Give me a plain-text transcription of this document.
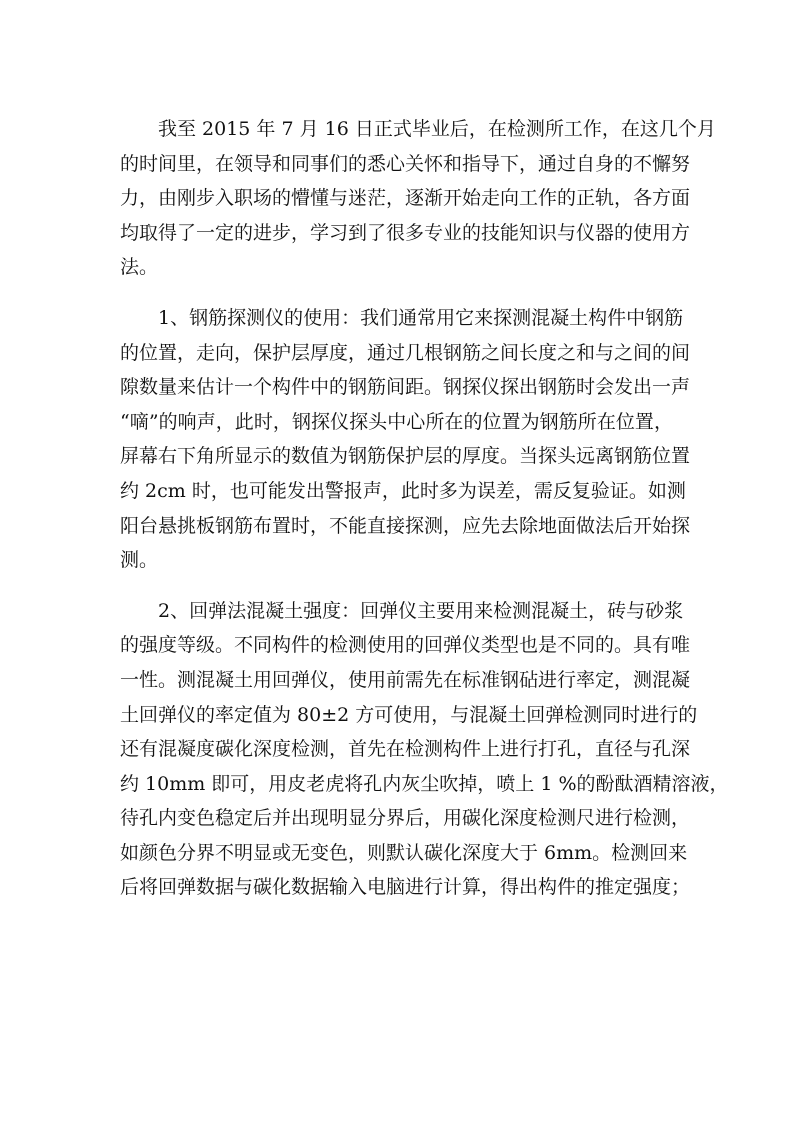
我至 2015 年 7 月 16 日正式毕业后，在检测所工作，在这几个月
的时间里，在领导和同事们的悉心关怀和指导下，通过自身的不懈努
力，由刚步入职场的懵懂与迷茫，逐渐开始走向工作的正轨，各方面
均取得了一定的进步，学习到了很多专业的技能知识与仪器的使用方
法。

1、钢筋探测仪的使用：我们通常用它来探测混凝土构件中钢筋
的位置，走向，保护层厚度，通过几根钢筋之间长度之和与之间的间
隙数量来估计一个构件中的钢筋间距。钢探仪探出钢筋时会发出一声
“嘀”的响声，此时，钢探仪探头中心所在的位置为钢筋所在位置，
屏幕右下角所显示的数值为钢筋保护层的厚度。当探头远离钢筋位置
约 2cm 时，也可能发出警报声，此时多为误差，需反复验证。如测
阳台悬挑板钢筋布置时，不能直接探测，应先去除地面做法后开始探
测。

2、回弹法混凝土强度：回弹仪主要用来检测混凝土，砖与砂浆
的强度等级。不同构件的检测使用的回弹仪类型也是不同的。具有唯
一性。测混凝土用回弹仪，使用前需先在标准钢砧进行率定，测混凝
土回弹仪的率定值为 80±2 方可使用，与混凝土回弹检测同时进行的
还有混凝度碳化深度检测，首先在检测构件上进行打孔，直径与孔深
约 10mm 即可，用皮老虎将孔内灰尘吹掉，喷上 1 %的酚酞酒精溶液，
待孔内变色稳定后并出现明显分界后，用碳化深度检测尺进行检测，
如颜色分界不明显或无变色，则默认碳化深度大于 6mm。检测回来
后将回弹数据与碳化数据输入电脑进行计算，得出构件的推定强度；
